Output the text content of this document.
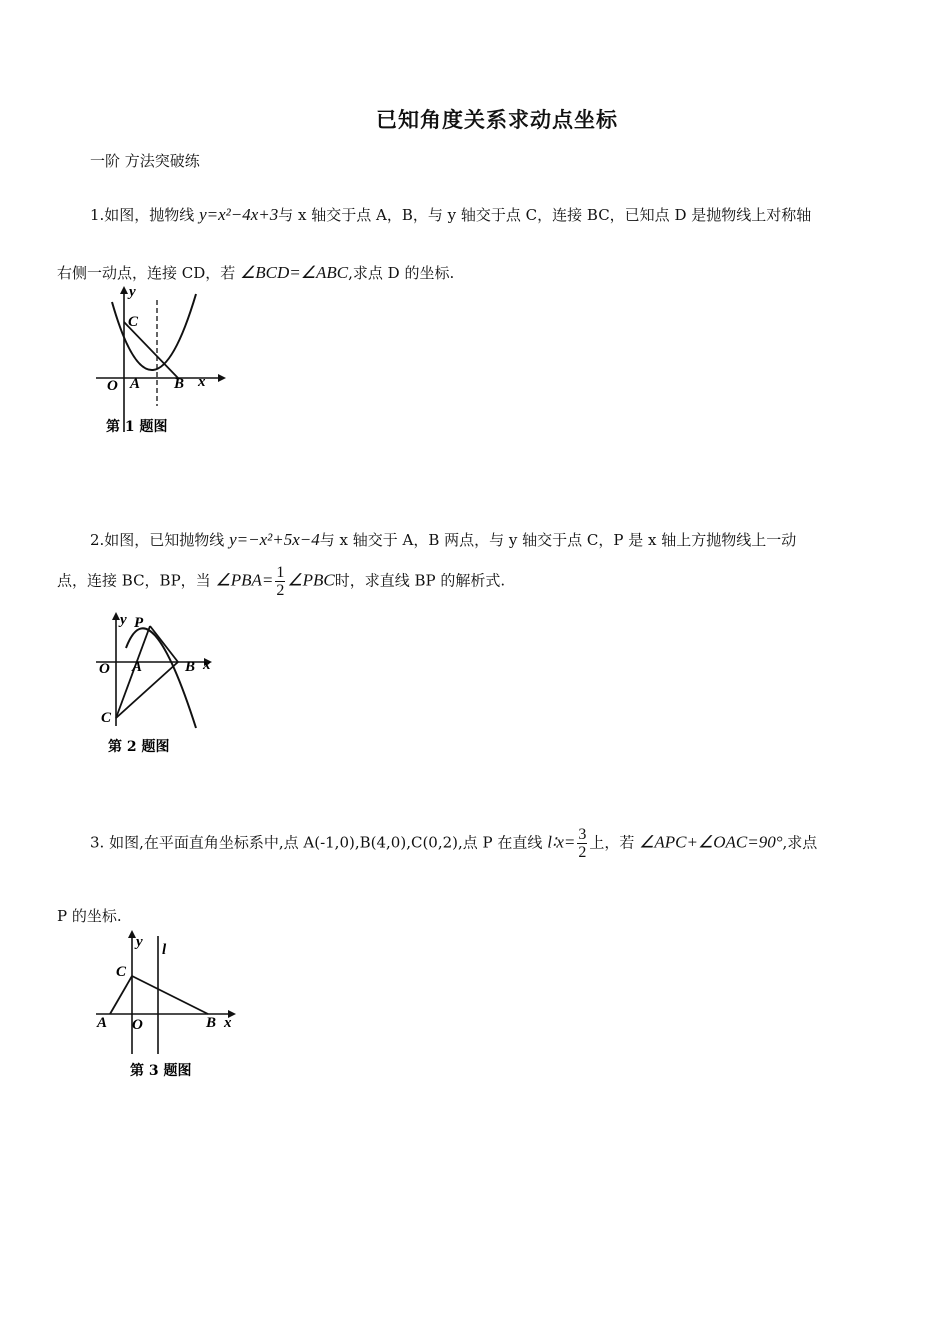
已知角度关系求动点坐标
一阶 方法突破练
1.如图，抛物线 y=x²−4x+3与 x 轴交于点 A，B，与 y 轴交于点 C，连接 BC，已知点 D 是抛物线上对称轴
右侧一动点，连接 CD，若 ∠BCD=∠ABC,求点 D 的坐标.
y
C
O A B x
第 1 题图
2.如图，已知抛物线 y=−x²+5x−4与 x 轴交于 A，B 两点，与 y 轴交于点 C，P 是 x 轴上方抛物线上一动
点，连接 BC，BP，当 ∠PBA= $\frac{1}{2}$ ∠PBC时，求直线 BP 的解析式.
y P
O A	B x
C
第 2 题图
3. 如图,在平面直角坐标系中,点 A(-1,0),B(4,0),C(0,2),点 P 在直线 l∶x= $\frac{3}{2}$ 上，若 ∠APC+∠OAC=90°,求点
P 的坐标.
y l
C
A O	B x
第 3 题图
